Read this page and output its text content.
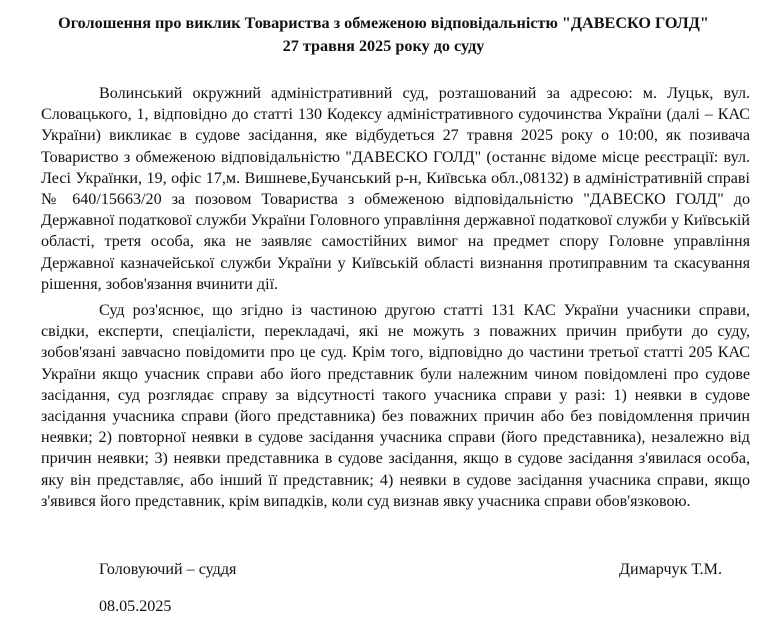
Оголошення про виклик Товариства з обмеженою відповідальністю "ДАВЕСКО ГОЛД"

27 травня 2025 року до суду

Волинський окружний адміністративний суд, розташований за адресою: м. Луцьк, вул. Словацького, 1, відповідно до статті 130 Кодексу адміністративного судочинства України (далі – КАС України) викликає в судове засідання, яке відбудеться 27 травня 2025 року о 10:00, як позивача Товариство з обмеженою відповідальністю "ДАВЕСКО ГОЛД" (останнє відоме місце реєстрації: вул. Лесі Українки, 19, офіс 17,м. Вишневе,Бучанський р-н, Київська обл.,08132) в адміністративній справі № 640/15663/20 за позовом Товариства з обмеженою відповідальністю "ДАВЕСКО ГОЛД" до Державної податкової служби України Головного управління державної податкової служби у Київській області, третя особа, яка не заявляє самостійних вимог на предмет спору Головне управління Державної казначейської служби України у Київській області визнання протиправним та скасування рішення, зобов'язання вчинити дії.

Суд роз'яснює, що згідно із частиною другою статті 131 КАС України учасники справи, свідки, експерти, спеціалісти, перекладачі, які не можуть з поважних причин прибути до суду, зобов'язані завчасно повідомити про це суд. Крім того, відповідно до частини третьої статті 205 КАС України якщо учасник справи або його представник були належним чином повідомлені про судове засідання, суд розглядає справу за відсутності такого учасника справи у разі: 1) неявки в судове засідання учасника справи (його представника) без поважних причин або без повідомлення причин неявки; 2) повторної неявки в судове засідання учасника справи (його представника), незалежно від причин неявки; 3) неявки представника в судове засідання, якщо в судове засідання з'явилася особа, яку він представляє, або інший її представник; 4) неявки в судове засідання учасника справи, якщо з'явився його представник, крім випадків, коли суд визнав явку учасника справи обов'язковою.

Головуючий – суддя	Димарчук Т.М.

08.05.2025
